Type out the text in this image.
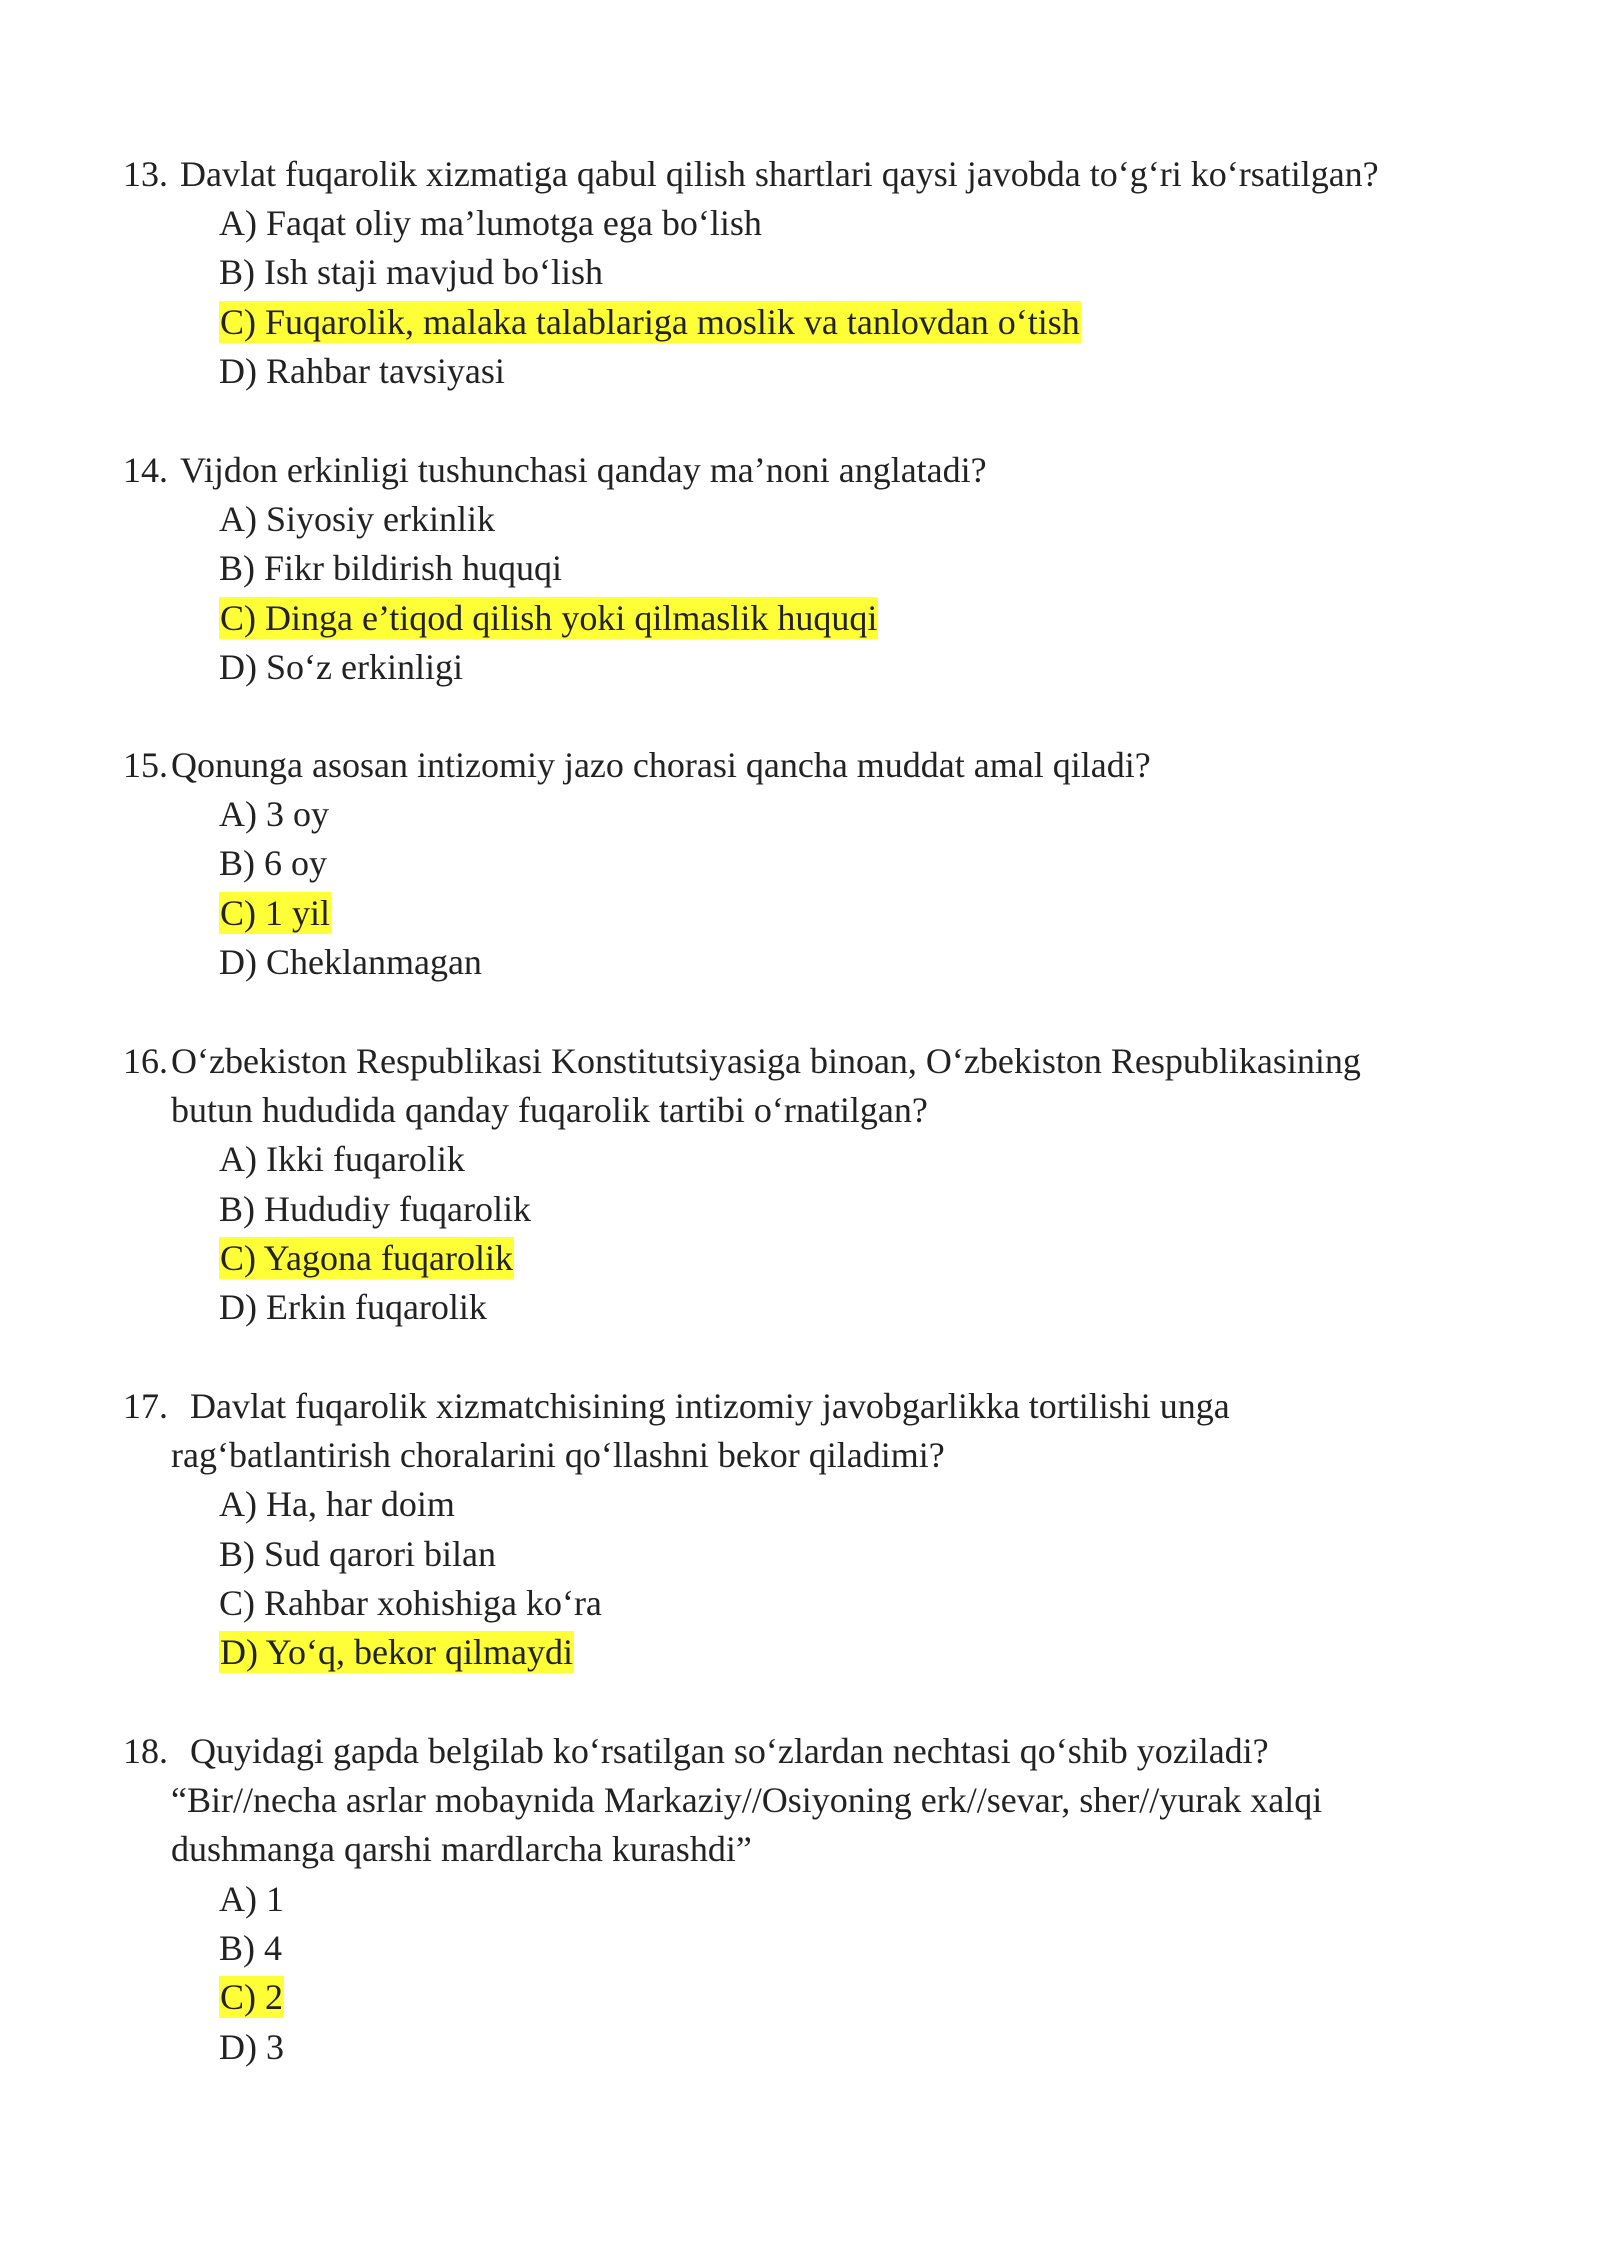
13. Davlat fuqarolik xizmatiga qabul qilish shartlari qaysi javobda to‘g‘ri ko‘rsatilgan?
A) Faqat oliy ma’lumotga ega bo‘lish
B) Ish staji mavjud bo‘lish
C) Fuqarolik, malaka talablariga moslik va tanlovdan o‘tish
D) Rahbar tavsiyasi
14. Vijdon erkinligi tushunchasi qanday ma’noni anglatadi?
A) Siyosiy erkinlik
B) Fikr bildirish huquqi
C) Dinga e’tiqod qilish yoki qilmaslik huquqi
D) So‘z erkinligi
15. Qonunga asosan intizomiy jazo chorasi qancha muddat amal qiladi?
A) 3 oy
B) 6 oy
C) 1 yil
D) Cheklanmagan
16. O‘zbekiston Respublikasi Konstitutsiyasiga binoan, O‘zbekiston Respublikasining
butun hududida qanday fuqarolik tartibi o‘rnatilgan?
A) Ikki fuqarolik
B) Hududiy fuqarolik
C) Yagona fuqarolik
D) Erkin fuqarolik
17. Davlat fuqarolik xizmatchisining intizomiy javobgarlikka tortilishi unga
rag‘batlantirish choralarini qo‘llashni bekor qiladimi?
A) Ha, har doim
B) Sud qarori bilan
C) Rahbar xohishiga ko‘ra
D) Yo‘q, bekor qilmaydi
18. Quyidagi gapda belgilab ko‘rsatilgan so‘zlardan nechtasi qo‘shib yoziladi?
“Bir//necha asrlar mobaynida Markaziy//Osiyoning erk//sevar, sher//yurak xalqi
dushmanga qarshi mardlarcha kurashdi”
A) 1
B) 4
C) 2
D) 3
